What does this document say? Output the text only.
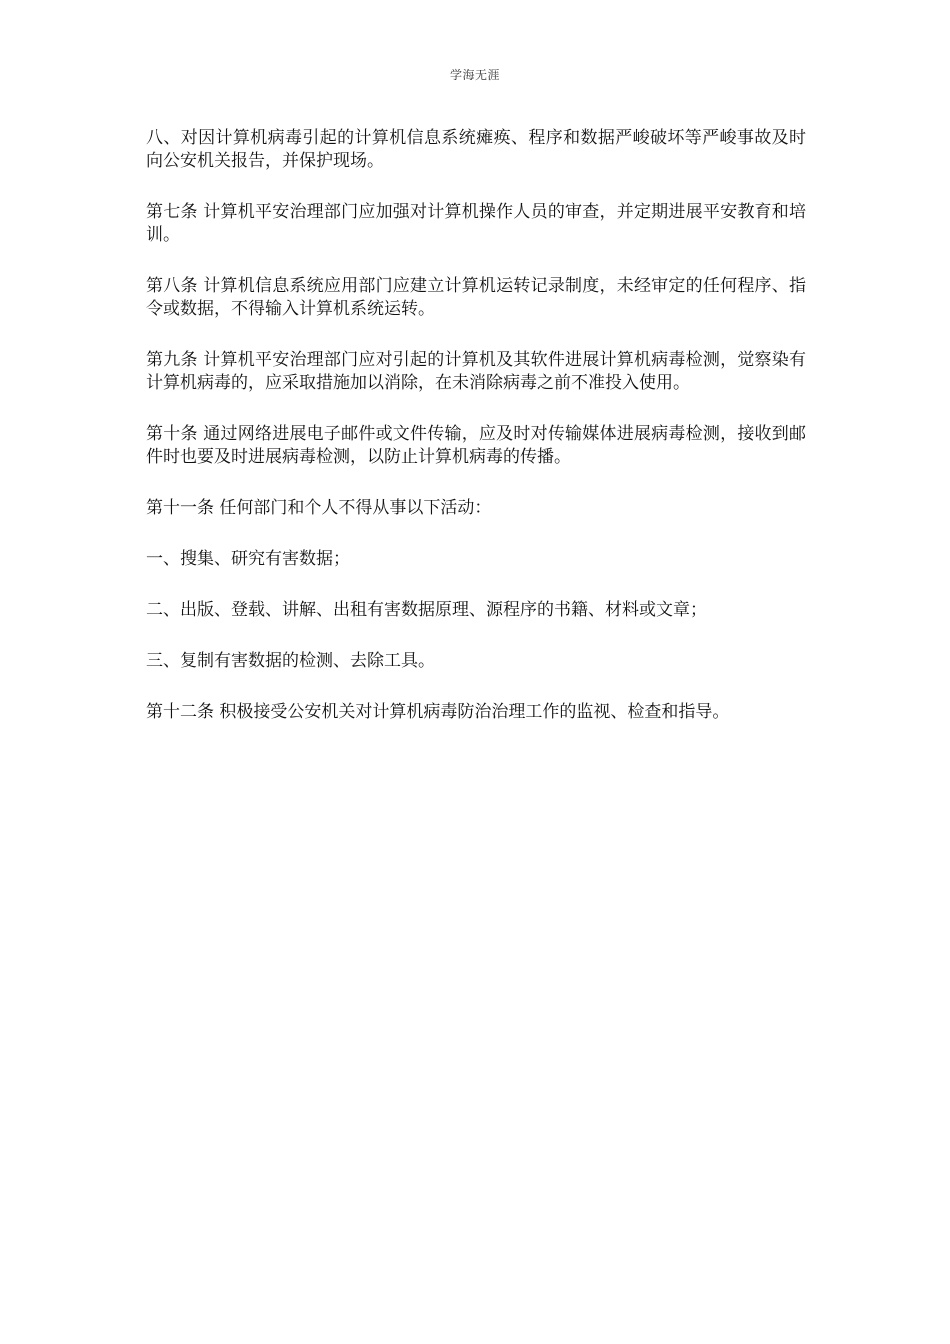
学海无涯

八、对因计算机病毒引起的计算机信息系统瘫痪、程序和数据严峻破坏等严峻事故及时向公安机关报告，并保护现场。

第七条 计算机平安治理部门应加强对计算机操作人员的审查，并定期进展平安教育和培训。

第八条 计算机信息系统应用部门应建立计算机运转记录制度，未经审定的任何程序、指令或数据，不得输入计算机系统运转。

第九条 计算机平安治理部门应对引起的计算机及其软件进展计算机病毒检测，觉察染有计算机病毒的，应采取措施加以消除，在未消除病毒之前不准投入使用。

第十条 通过网络进展电子邮件或文件传输，应及时对传输媒体进展病毒检测，接收到邮件时也要及时进展病毒检测，以防止计算机病毒的传播。

第十一条 任何部门和个人不得从事以下活动：

一、搜集、研究有害数据；

二、出版、登载、讲解、出租有害数据原理、源程序的书籍、材料或文章；

三、复制有害数据的检测、去除工具。

第十二条 积极接受公安机关对计算机病毒防治治理工作的监视、检查和指导。
